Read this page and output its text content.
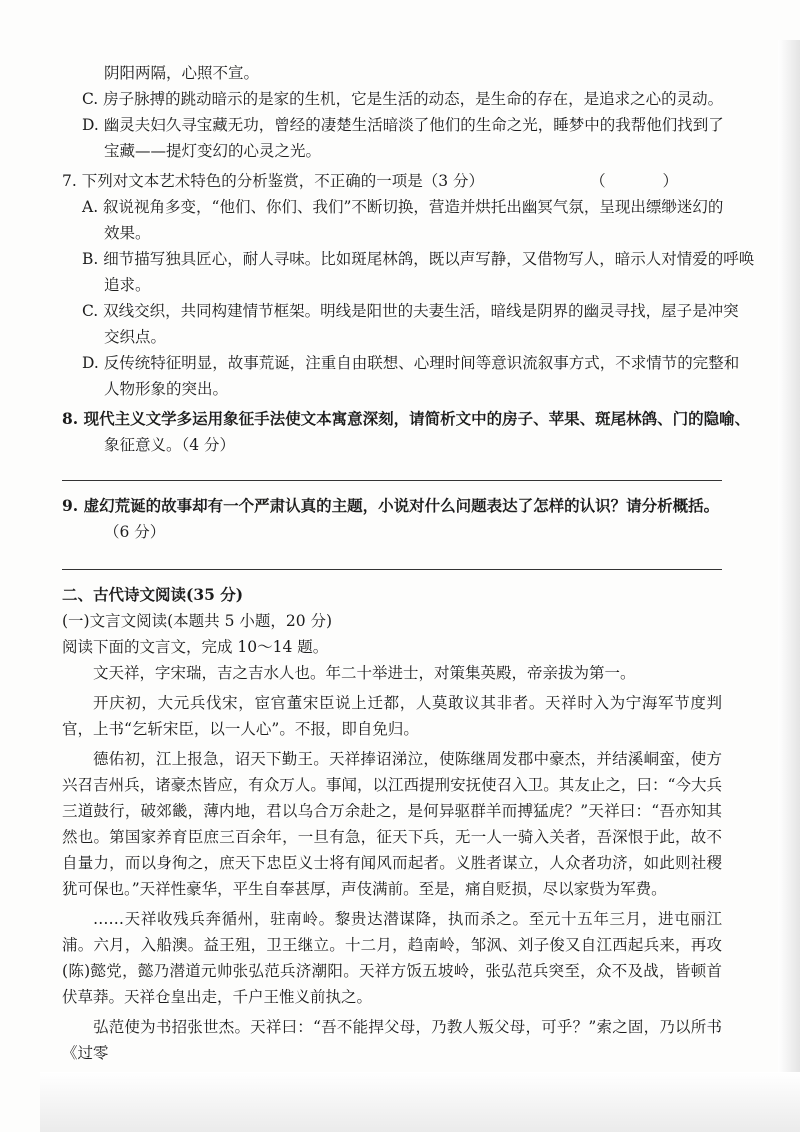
阴阳两隔，心照不宣。

C. 房子脉搏的跳动暗示的是家的生机，它是生活的动态，是生命的存在，是追求之心的灵动。

D. 幽灵夫妇久寻宝藏无功，曾经的凄楚生活暗淡了他们的生命之光，睡梦中的我帮他们找到了

宝藏——提灯变幻的心灵之光。

（ ）
7. 下列对文本艺术特色的分析鉴赏，不正确的一项是（3 分）

A. 叙说视角多变，“他们、你们、我们”不断切换，营造并烘托出幽冥气氛，呈现出缥缈迷幻的

效果。

B. 细节描写独具匠心，耐人寻味。比如斑尾林鸽，既以声写静，又借物写人，暗示人对情爱的呼唤

追求。

C. 双线交织，共同构建情节框架。明线是阳世的夫妻生活，暗线是阴界的幽灵寻找，屋子是冲突

交织点。

D. 反传统特征明显，故事荒诞，注重自由联想、心理时间等意识流叙事方式，不求情节的完整和

人物形象的突出。

8. 现代主义文学多运用象征手法使文本寓意深刻，请简析文中的房子、苹果、斑尾林鸽、门的隐喻、

象征意义。（4 分）

9. 虚幻荒诞的故事却有一个严肃认真的主题，小说对什么问题表达了怎样的认识？请分析概括。

（6 分）

二、古代诗文阅读(35 分)

(一)文言文阅读(本题共 5 小题，20 分)

阅读下面的文言文，完成 10～14 题。

文天祥，字宋瑞，吉之吉水人也。年二十举进士，对策集英殿，帝亲拔为第一。

开庆初，大元兵伐宋，宦官董宋臣说上迁都，人莫敢议其非者。天祥时入为宁海军节度判官，上书“乞斩宋臣，以一人心”。不报，即自免归。

德佑初，江上报急，诏天下勤王。天祥捧诏涕泣，使陈继周发郡中豪杰，并结溪峒蛮，使方兴召吉州兵，诸豪杰皆应，有众万人。事闻，以江西提刑安抚使召入卫。其友止之，曰：“今大兵三道鼓行，破郊畿，薄内地，君以乌合万余赴之，是何异驱群羊而搏猛虎？”天祥曰：“吾亦知其然也。第国家养育臣庶三百余年，一旦有急，征天下兵，无一人一骑入关者，吾深恨于此，故不自量力，而以身徇之，庶天下忠臣义士将有闻风而起者。义胜者谋立，人众者功济，如此则社稷犹可保也。”天祥性豪华，平生自奉甚厚，声伎满前。至是，痛自贬损，尽以家赀为军费。

……天祥收残兵奔循州，驻南岭。黎贵达潜谋降，执而杀之。至元十五年三月，进屯丽江浦。六月，入船澳。益王殂，卫王继立。十二月，趋南岭，邹沨、刘子俊又自江西起兵来，再攻(陈)懿党，懿乃潜道元帅张弘范兵济潮阳。天祥方饭五坡岭，张弘范兵突至，众不及战，皆顿首伏草莽。天祥仓皇出走，千户王惟义前执之。

弘范使为书招张世杰。天祥曰：“吾不能捍父母，乃教人叛父母，可乎？”索之固，乃以所书《过零
